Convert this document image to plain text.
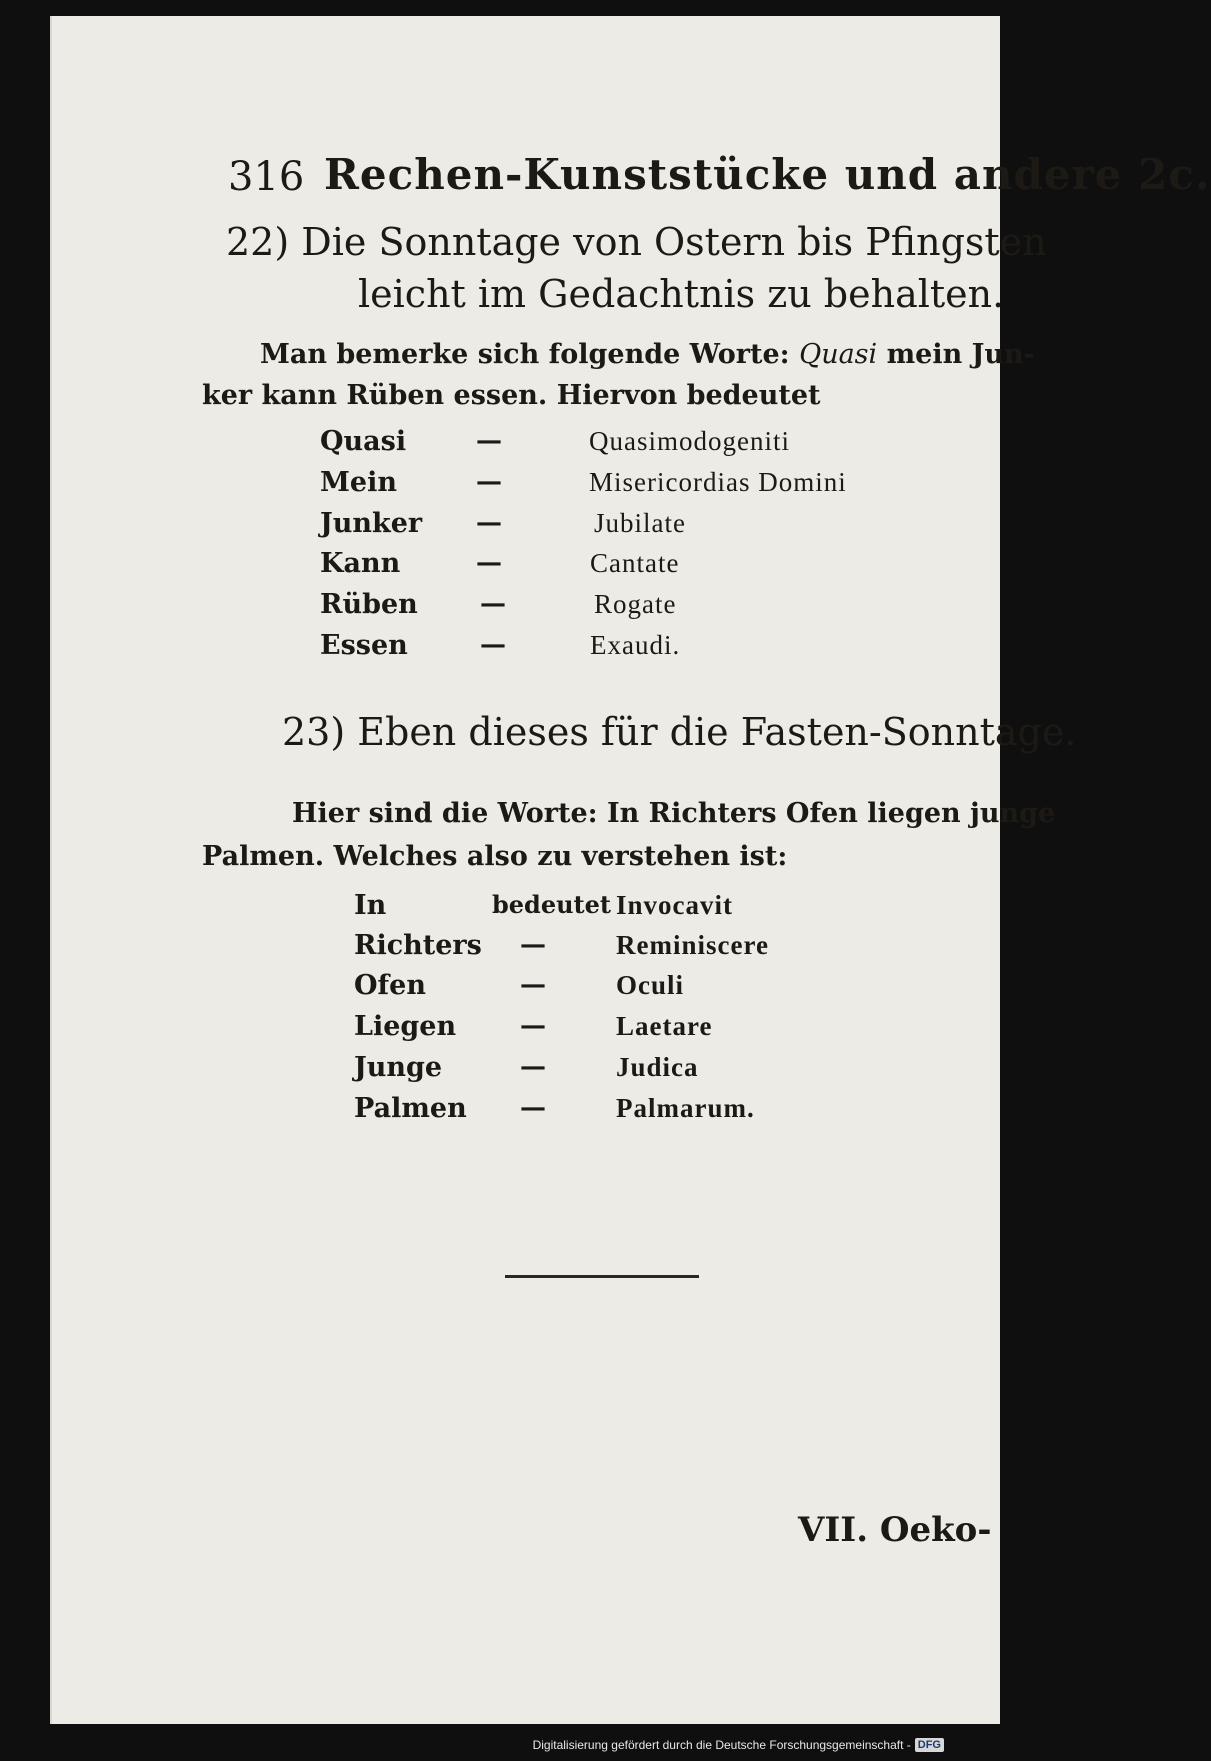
316 Rechen-Kunststücke und andere 2c.
22) Die Sonntage von Ostern bis Pfingsten
leicht im Gedachtnis zu behalten.
Man bemerke sich folgende Worte: Quasi mein Jun-
ker kann Rüben essen. Hiervon bedeutet
Quasi	—	Quasimodogeniti
Mein	—	Misericordias Domini
Junker —	Jubilate
Kann	—	Cantate
Rüben —	Rogate
Essen	—	Exaudi.
23) Eben dieses für die Fasten-Sonntage.
Hier sind die Worte: In Richters Ofen liegen junge
Palmen. Welches also zu verstehen ist:
In	bedeutet Invocavit
Richters —	Reminiscere
Ofen	—	Oculi
Liegen —	Laetare
Junge	—	Judica
Palmen —	Palmarum.
VII. Oeko-
Digitalisierung gefördert durch die Deutsche Forschungsgemeinschaft - DFG
